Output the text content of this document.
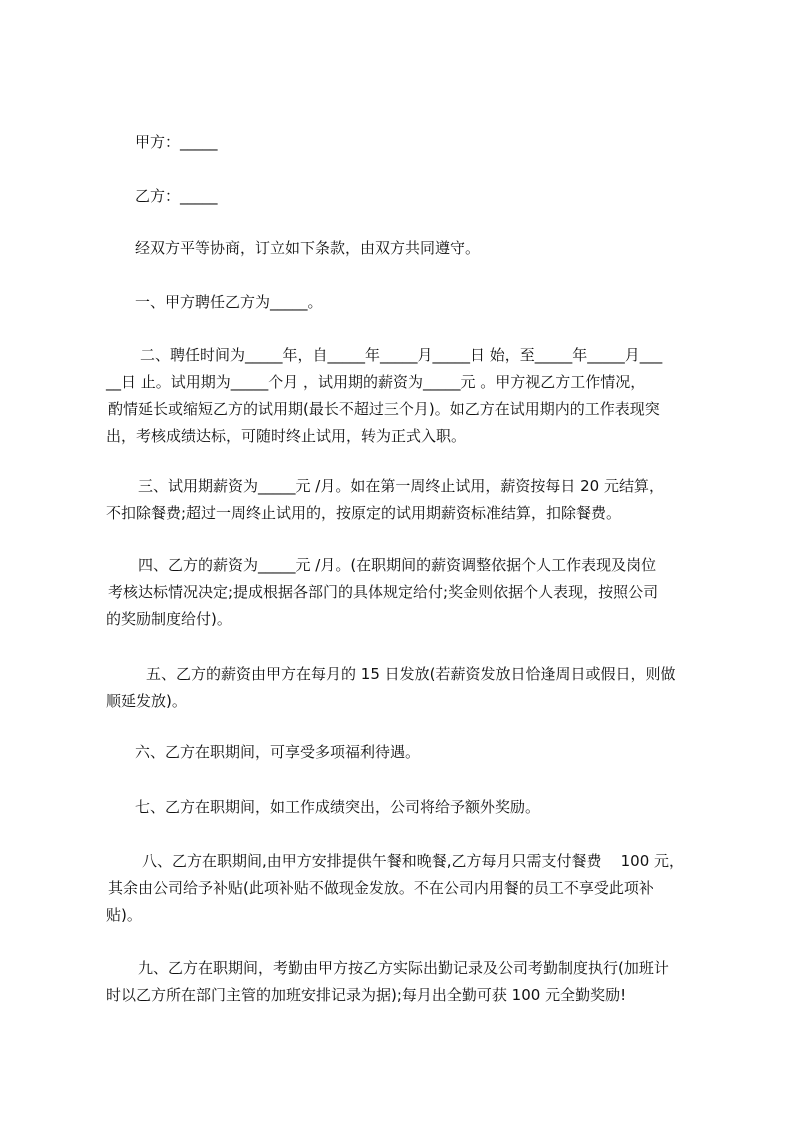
甲方：_____
乙方：_____
经双方平等协商，订立如下条款，由双方共同遵守。
一、甲方聘任乙方为_____。
二、聘任时间为_____年，自_____年_____月_____日 始，至_____年_____月___
__日 止。试用期为_____个月 ，试用期的薪资为_____元 。甲方视乙方工作情况，
酌情延长或缩短乙方的试用期(最长不超过三个月)。如乙方在试用期内的工作表现突
出，考核成绩达标，可随时终止试用，转为正式入职。
三、试用期薪资为_____元 /月。如在第一周终止试用，薪资按每日 20 元结算，
不扣除餐费;超过一周终止试用的，按原定的试用期薪资标准结算，扣除餐费。
四、乙方的薪资为_____元 /月。(在职期间的薪资调整依据个人工作表现及岗位
考核达标情况决定;提成根据各部门的具体规定给付;奖金则依据个人表现，按照公司
的奖励制度给付)。
五、乙方的薪资由甲方在每月的 15 日发放(若薪资发放日恰逢周日或假日，则做
顺延发放)。
六、乙方在职期间，可享受多项福利待遇。
七、乙方在职期间，如工作成绩突出，公司将给予额外奖励。
八、乙方在职期间,由甲方安排提供午餐和晚餐,乙方每月只需支付餐费    100 元，
其余由公司给予补贴(此项补贴不做现金发放。不在公司内用餐的员工不享受此项补
贴)。
九、乙方在职期间，考勤由甲方按乙方实际出勤记录及公司考勤制度执行(加班计
时以乙方所在部门主管的加班安排记录为据);每月出全勤可获 100 元全勤奖励!
